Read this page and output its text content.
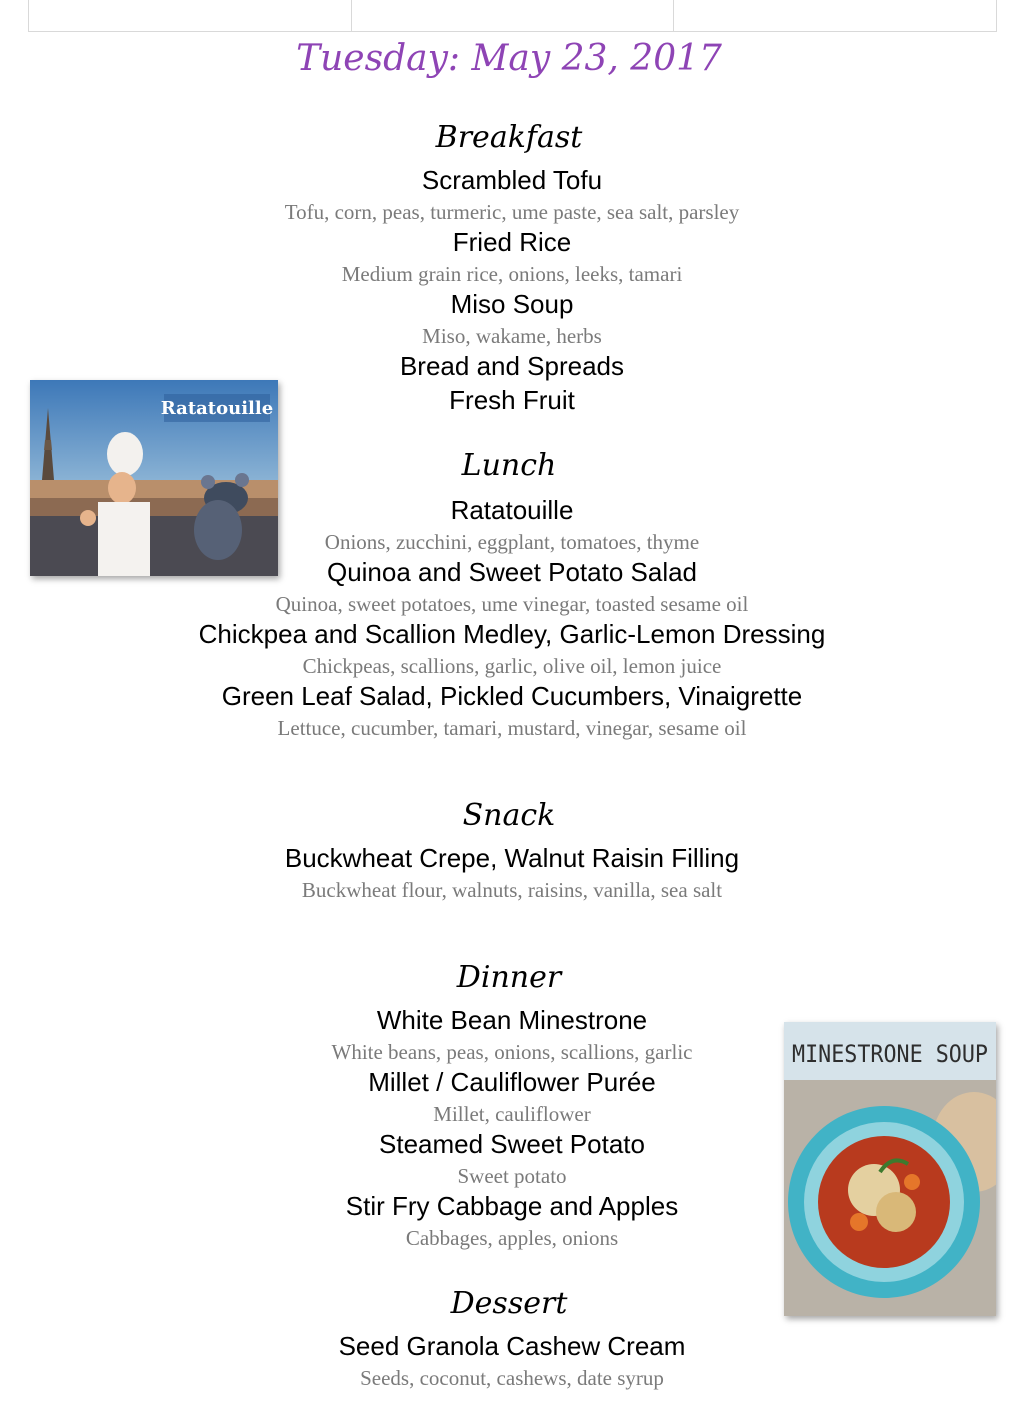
Tuesday: May 23, 2017
Breakfast
Scrambled Tofu
Tofu, corn, peas, turmeric, ume paste, sea salt, parsley
Fried Rice
Medium grain rice, onions, leeks, tamari
Miso Soup
Miso, wakame, herbs
Bread and Spreads
Fresh Fruit
Lunch
Ratatouille
Onions, zucchini, eggplant, tomatoes, thyme
Quinoa and Sweet Potato Salad
Quinoa, sweet potatoes, ume vinegar, toasted sesame oil
Chickpea and Scallion Medley, Garlic-Lemon Dressing
Chickpeas, scallions, garlic, olive oil, lemon juice
Green Leaf Salad, Pickled Cucumbers, Vinaigrette
Lettuce, cucumber, tamari, mustard, vinegar, sesame oil
Snack
Buckwheat Crepe, Walnut Raisin Filling
Buckwheat flour, walnuts, raisins, vanilla, sea salt
Dinner
White Bean Minestrone
White beans, peas, onions, scallions, garlic
Millet / Cauliflower Purée
Millet, cauliflower
Steamed Sweet Potato
Sweet potato
Stir Fry Cabbage and Apples
Cabbages, apples, onions
Dessert
Seed Granola Cashew Cream
Seeds, coconut, cashews, date syrup
Ratatouille
MINESTRONE SOUP
